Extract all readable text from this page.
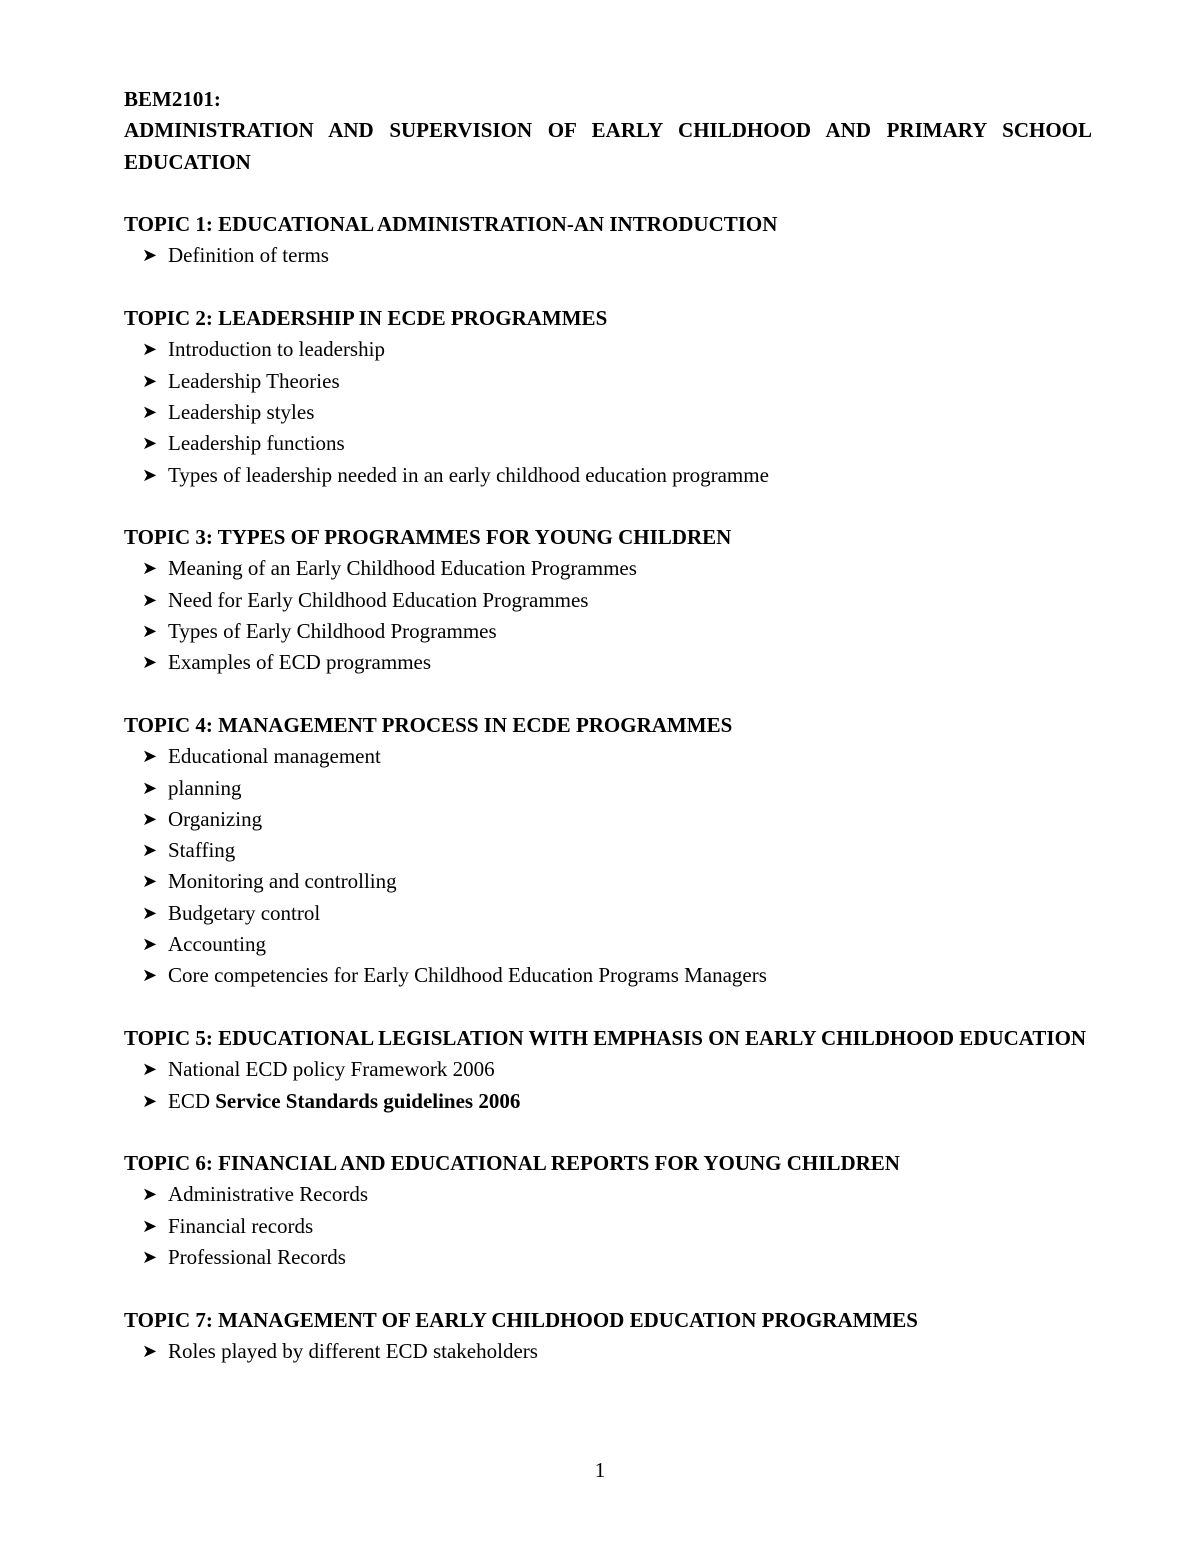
BEM2101:

ADMINISTRATION AND SUPERVISION OF EARLY CHILDHOOD AND PRIMARY SCHOOL EDUCATION

TOPIC 1: EDUCATIONAL ADMINISTRATION-AN INTRODUCTION

➤ Definition of terms

TOPIC 2: LEADERSHIP IN ECDE PROGRAMMES

➤ Introduction to leadership
➤ Leadership Theories
➤ Leadership styles
➤ Leadership functions
➤ Types of leadership needed in an early childhood education programme

TOPIC 3: TYPES OF PROGRAMMES FOR YOUNG CHILDREN

➤ Meaning of an Early Childhood Education Programmes
➤ Need for Early Childhood Education Programmes
➤ Types of Early Childhood Programmes
➤ Examples of ECD programmes

TOPIC 4: MANAGEMENT PROCESS IN ECDE PROGRAMMES

➤ Educational management
➤ planning
➤ Organizing
➤ Staffing
➤ Monitoring and controlling
➤ Budgetary control
➤ Accounting
➤ Core competencies for Early Childhood Education Programs Managers

TOPIC 5: EDUCATIONAL LEGISLATION WITH EMPHASIS ON EARLY CHILDHOOD EDUCATION

➤ National ECD policy Framework 2006
➤ ECD Service Standards guidelines 2006

TOPIC 6: FINANCIAL AND EDUCATIONAL REPORTS FOR YOUNG CHILDREN

➤ Administrative Records
➤ Financial records
➤ Professional Records

TOPIC 7: MANAGEMENT OF EARLY CHILDHOOD EDUCATION PROGRAMMES

➤ Roles played by different ECD stakeholders
1
